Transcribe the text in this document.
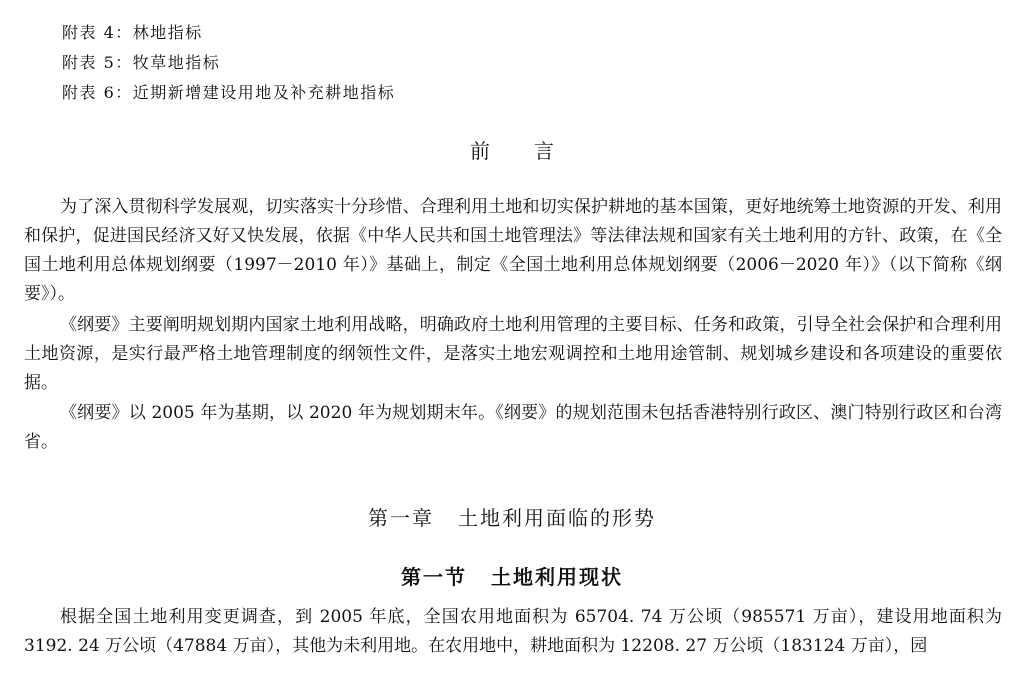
附表 4：林地指标
附表 5：牧草地指标
附表 6：近期新增建设用地及补充耕地指标
前言

为了深入贯彻科学发展观，切实落实十分珍惜、合理利用土地和切实保护耕地的基本国策，更好地统筹土地资源的开发、利用和保护，促进国民经济又好又快发展，依据《中华人民共和国土地管理法》等法律法规和国家有关土地利用的方针、政策，在《全国土地利用总体规划纲要（1997－2010 年）》基础上，制定《全国土地利用总体规划纲要（2006－2020 年）》（以下简称《纲要》）。

《纲要》主要阐明规划期内国家土地利用战略，明确政府土地利用管理的主要目标、任务和政策，引导全社会保护和合理利用土地资源，是实行最严格土地管理制度的纲领性文件，是落实土地宏观调控和土地用途管制、规划城乡建设和各项建设的重要依据。

《纲要》以 2005 年为基期，以 2020 年为规划期末年。《纲要》的规划范围未包括香港特别行政区、澳门特别行政区和台湾省。

第一章 土地利用面临的形势
第一节 土地利用现状

根据全国土地利用变更调查，到 2005 年底，全国农用地面积为 65704. 74 万公顷（985571 万亩），建设用地面积为 3192. 24 万公顷（47884 万亩），其他为未利用地。在农用地中，耕地面积为 12208. 27 万公顷（183124 万亩），园
